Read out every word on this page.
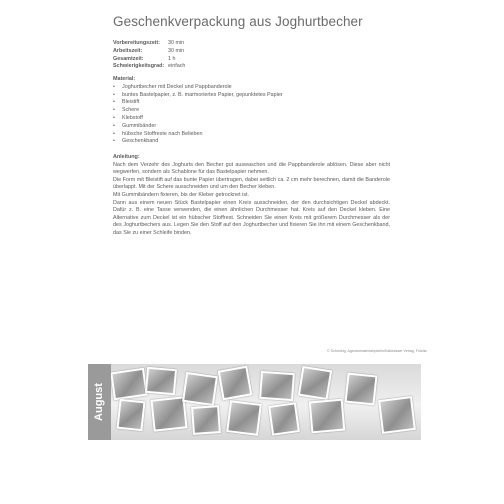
Geschenkverpackung aus Joghurtbecher
Vorbereitungszeit:	30 min
Arbeitszeit:	30 min
Gesamtzeit:	1 h
Schwierigkeitsgrad: einfach
Material:
•	Joghurtbecher mit Deckel und Pappbanderole
•	buntes Bastelpapier, z. B. marmoriertes Papier, gepunktetes Papier
•	Bleistift
•	Schere
•	Klebstoff
•	Gummibänder
•	hübsche Stoffreste nach Belieben
•	Geschenkband
Anleitung:

Nach dem Verzehr des Joghurts den Becher gut auswaschen und die Pappbanderole ablösen. Diese aber nicht wegwerfen, sondern als Schablone für das Bastelpapier nehmen.

Die Form mit Bleistift auf das bunte Papier übertragen, dabei seitlich ca. 2 cm mehr berechnen, damit die Banderole überlappt. Mit der Schere ausschneiden und um den Becher kleben.

Mit Gummibändern fixieren, bis der Kleber getrocknet ist.

Dann aus einem neuen Stück Bastelpapier einen Kreis ausschneiden, der den durchsichtigen Deckel abdeckt. Dafür z. B. eine Tasse verwenden, die einen ähnlichen Durchmesser hat. Kreis auf den Deckel kleben. Eine Alternative zum Deckel ist ein hübscher Stoffrest. Schneiden Sie einen Kreis mit größerem Durchmesser als der des Joghurtbechers aus. Legen Sie den Stoff auf den Joghurtbecher und fixieren Sie ihn mit einem Geschenkband, das Sie zu einer Schleife binden.

© Schöning, Agenturmaterial/pixelio/Kaltwasser Verlag, Fotolia
August
